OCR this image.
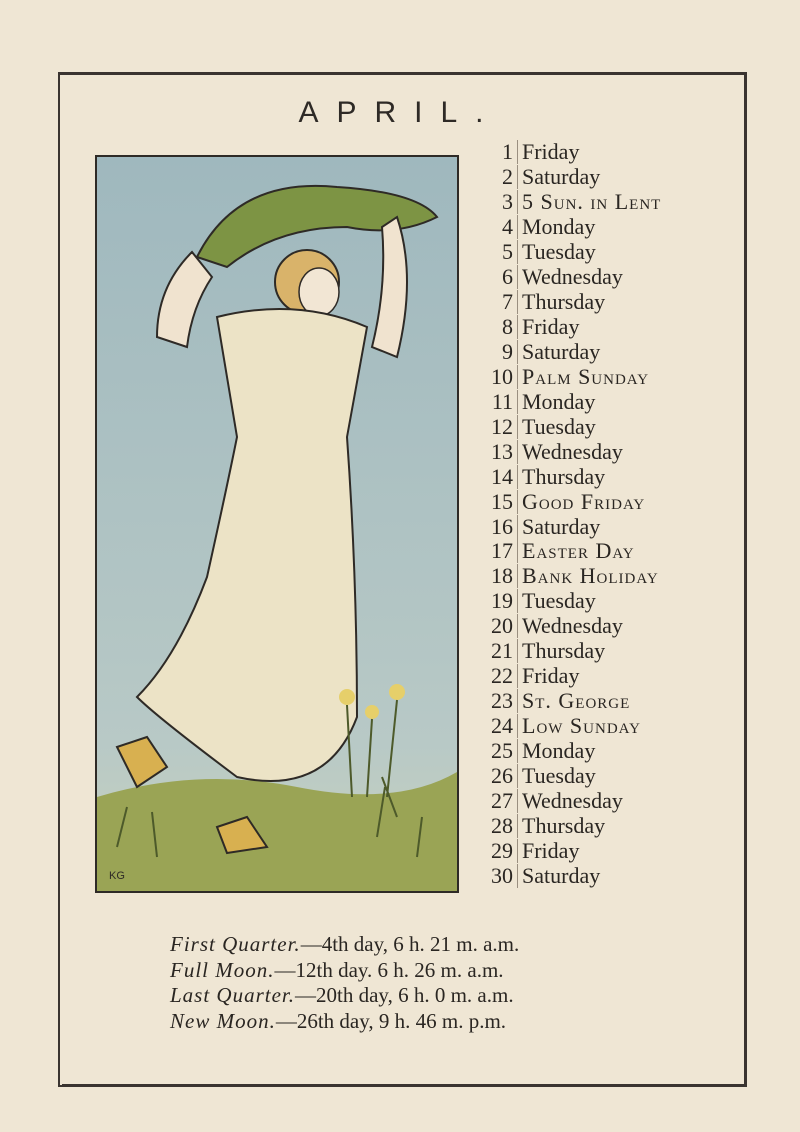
APRIL.
KG
1 Friday
2 Saturday
3 5 Sun. in Lent
4 Monday
5 Tuesday
6 Wednesday
7 Thursday
8 Friday
9 Saturday
10 Palm Sunday
11 Monday
12 Tuesday
13 Wednesday
14 Thursday
15 Good Friday
16 Saturday
17 Easter Day
18 Bank Holiday
19 Tuesday
20 Wednesday
21 Thursday
22 Friday
23 St. George
24 Low Sunday
25 Monday
26 Tuesday
27 Wednesday
28 Thursday
29 Friday
30 Saturday
First Quarter.—4th day, 6 h. 21 m. a.m.
Full Moon.—12th day. 6 h. 26 m. a.m.
Last Quarter.—20th day, 6 h. 0 m. a.m.
New Moon.—26th day, 9 h. 46 m. p.m.
